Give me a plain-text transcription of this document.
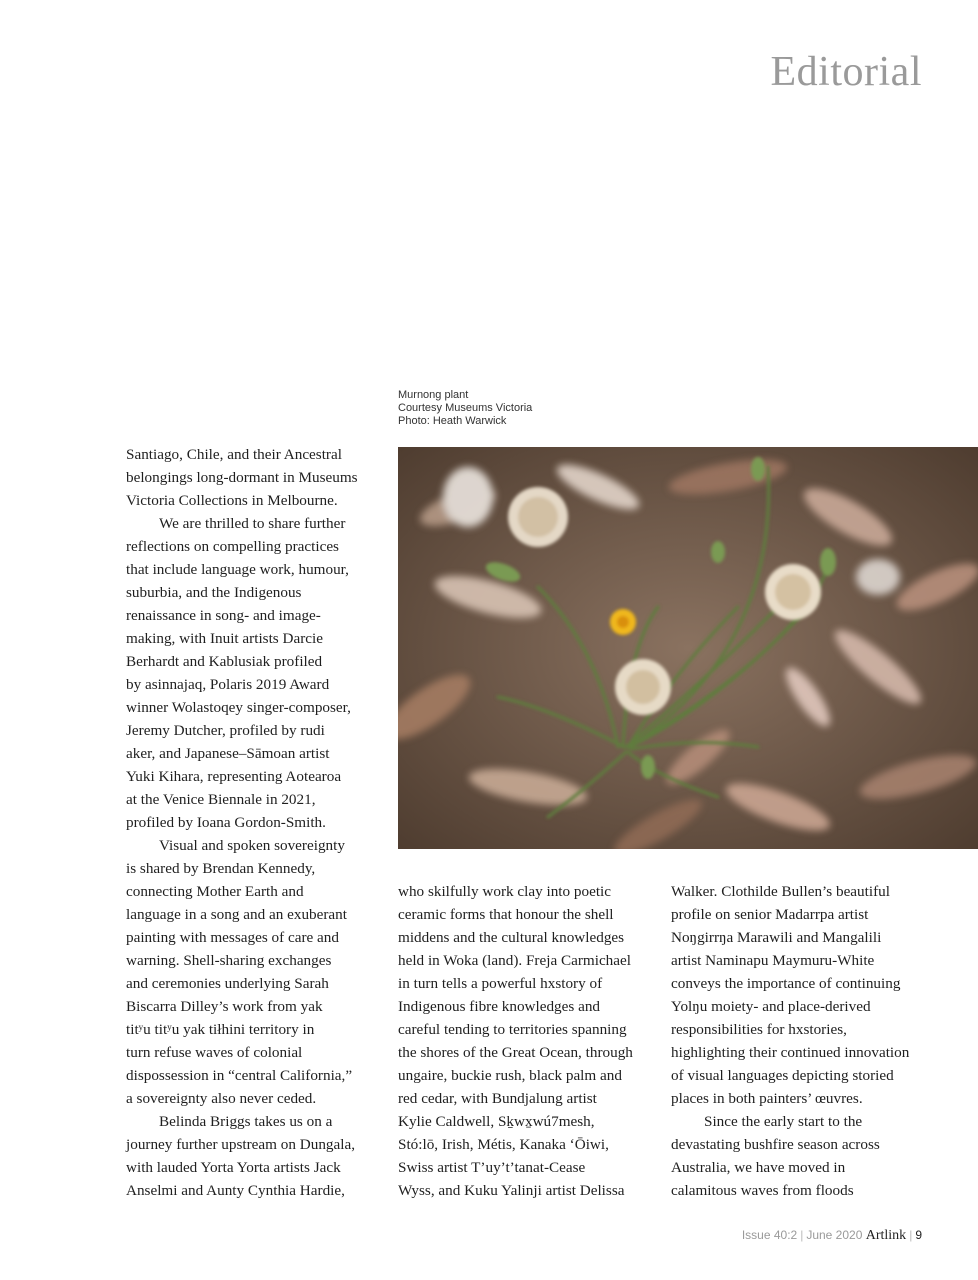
Editorial
Murnong plant
Courtesy Museums Victoria
Photo: Heath Warwick

Santiago, Chile, and their Ancestral
belongings long-dormant in Museums
Victoria Collections in Melbourne.

We are thrilled to share further
reflections on compelling practices
that include language work, humour,
suburbia, and the Indigenous
renaissance in song- and image-
making, with Inuit artists Darcie
Berhardt and Kablusiak profiled
by asinnajaq, Polaris 2019 Award
winner Wolastoqey singer-composer,
Jeremy Dutcher, profiled by rudi
aker, and Japanese–Sāmoan artist
Yuki Kihara, representing Aotearoa
at the Venice Biennale in 2021,
profiled by Ioana Gordon-Smith.

Visual and spoken sovereignty
is shared by Brendan Kennedy,
connecting Mother Earth and
language in a song and an exuberant
painting with messages of care and
warning. Shell-sharing exchanges
and ceremonies underlying Sarah
Biscarra Dilley’s work from yak
titʸu titʸu yak tiłhini territory in
turn refuse waves of colonial
dispossession in “central California,”
a sovereignty also never ceded.

Belinda Briggs takes us on a
journey further upstream on Dungala,
with lauded Yorta Yorta artists Jack
Anselmi and Aunty Cynthia Hardie,

who skilfully work clay into poetic
ceramic forms that honour the shell
middens and the cultural knowledges
held in Woka (land). Freja Carmichael
in turn tells a powerful hxstory of
Indigenous fibre knowledges and
careful tending to territories spanning
the shores of the Great Ocean, through
ungaire, buckie rush, black palm and
red cedar, with Bundjalung artist
Kylie Caldwell, Sḵwx̱wú7mesh,
Stó:lō, Irish, Métis, Kanaka ʻŌiwi,
Swiss artist T’uy’t’tanat-Cease
Wyss, and Kuku Yalinji artist Delissa

Walker. Clothilde Bullen’s beautiful
profile on senior Madarrpa artist
Noŋgirrŋa Marawili and Mangalili
artist Naminapu Maymuru-White
conveys the importance of continuing
Yolŋu moiety- and place-derived
responsibilities for hxstories,
highlighting their continued innovation
of visual languages depicting storied
places in both painters’ œuvres.

Since the early start to the
devastating bushfire season across
Australia, we have moved in
calamitous waves from floods

Issue 40:2 | June 2020 Artlink | 9
